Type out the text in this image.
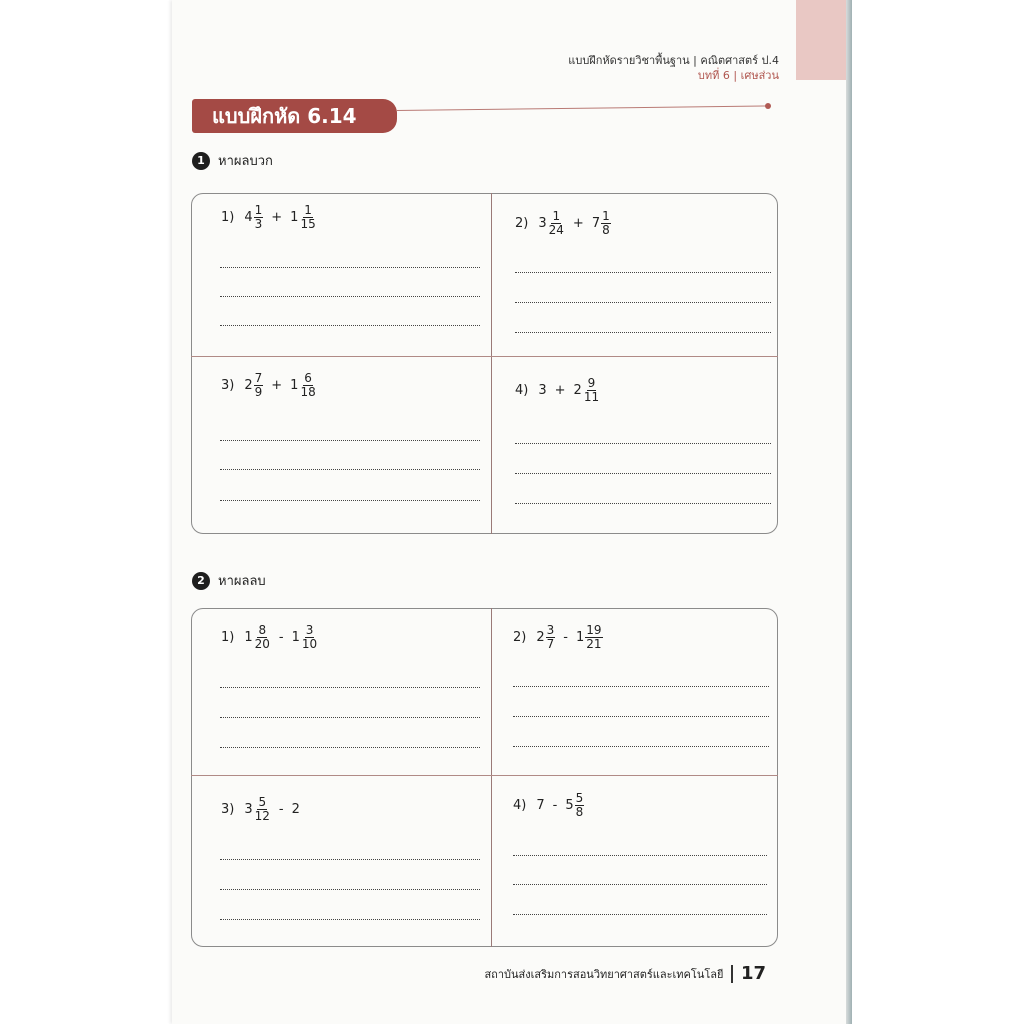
แบบฝึกหัดรายวิชาพื้นฐาน | คณิตศาสตร์ ป.4
บทที่ 6 | เศษส่วน
แบบฝึกหัด 6.14
1	หาผลบวก
1) $4 \frac{1}{3} + 1 \frac{1}{15}$	2) $3 \frac{1}{24} + 7 \frac{1}{8}$
3) $2 \frac{7}{9} + 1 \frac{6}{18}$	4) $3 + 2 \frac{9}{11}$
2	หาผลลบ
1) $1 \frac{8}{20} - 1 \frac{3}{10}$	2) $2 \frac{3}{7} - 1 \frac{19}{21}$
3) $3 \frac{5}{12} - 2$	4) $7 - 5 \frac{5}{8}$
สถาบันส่งเสริมการสอนวิทยาศาสตร์และเทคโนโลยี 17
